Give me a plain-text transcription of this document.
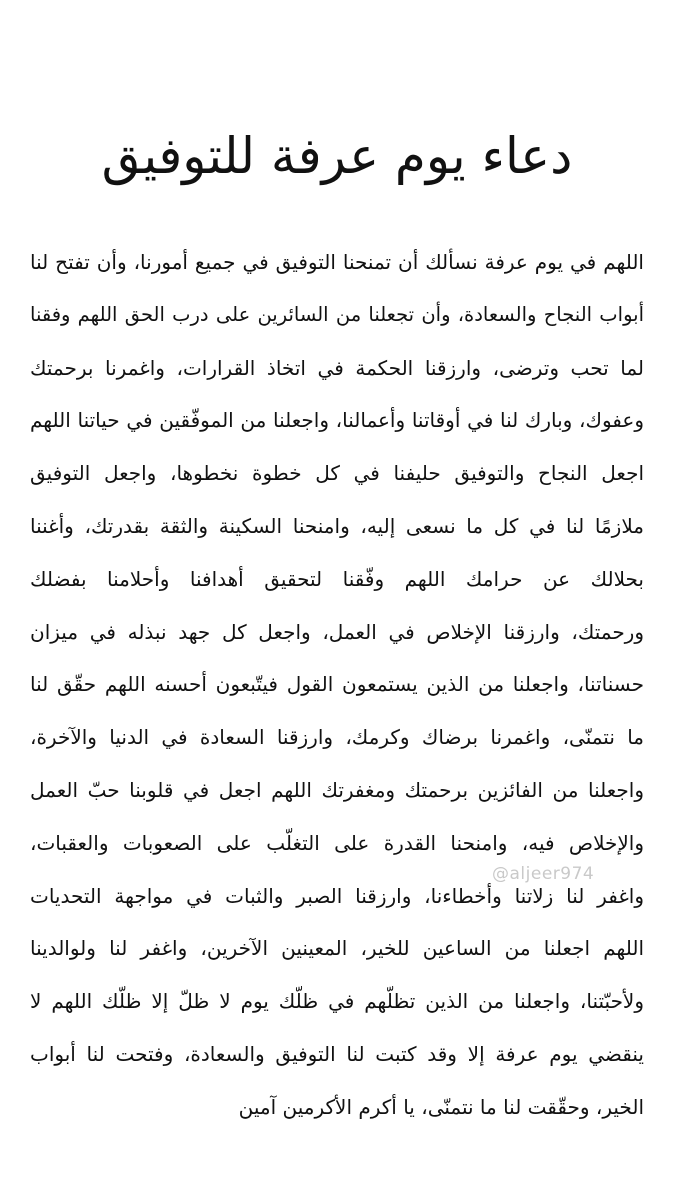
دعاء يوم عرفة للتوفيق
اللهم في يوم عرفة نسألك أن تمنحنا التوفيق في جميع أمورنا، وأن تفتح لنا
أبواب النجاح والسعادة، وأن تجعلنا من السائرين على درب الحق اللهم وفقنا
لما تحب وترضى، وارزقنا الحكمة في اتخاذ القرارات، واغمرنا برحمتك
وعفوك، وبارك لنا في أوقاتنا وأعمالنا، واجعلنا من الموفّقين في حياتنا اللهم
اجعل النجاح والتوفيق حليفنا في كل خطوة نخطوها، واجعل التوفيق
ملازمًا لنا في كل ما نسعى إليه، وامنحنا السكينة والثقة بقدرتك، وأغننا
بحلالك عن حرامك اللهم وفّقنا لتحقيق أهدافنا وأحلامنا بفضلك
ورحمتك، وارزقنا الإخلاص في العمل، واجعل كل جهد نبذله في ميزان
حسناتنا، واجعلنا من الذين يستمعون القول فيتّبعون أحسنه اللهم حقّق لنا
ما نتمنّى، واغمرنا برضاك وكرمك، وارزقنا السعادة في الدنيا والآخرة،
واجعلنا من الفائزين برحمتك ومغفرتك اللهم اجعل في قلوبنا حبّ العمل
والإخلاص فيه، وامنحنا القدرة على التغلّب على الصعوبات والعقبات،
واغفر لنا زلاتنا وأخطاءنا، وارزقنا الصبر والثبات في مواجهة التحديات
اللهم اجعلنا من الساعين للخير، المعينين الآخرين، واغفر لنا ولوالدينا
ولأحبّتنا، واجعلنا من الذين تظلّهم في ظلّك يوم لا ظلّ إلا ظلّك اللهم لا
ينقضي يوم عرفة إلا وقد كتبت لنا التوفيق والسعادة، وفتحت لنا أبواب
الخير، وحقّقت لنا ما نتمنّى، يا أكرم الأكرمين آمين
@aljeer974
